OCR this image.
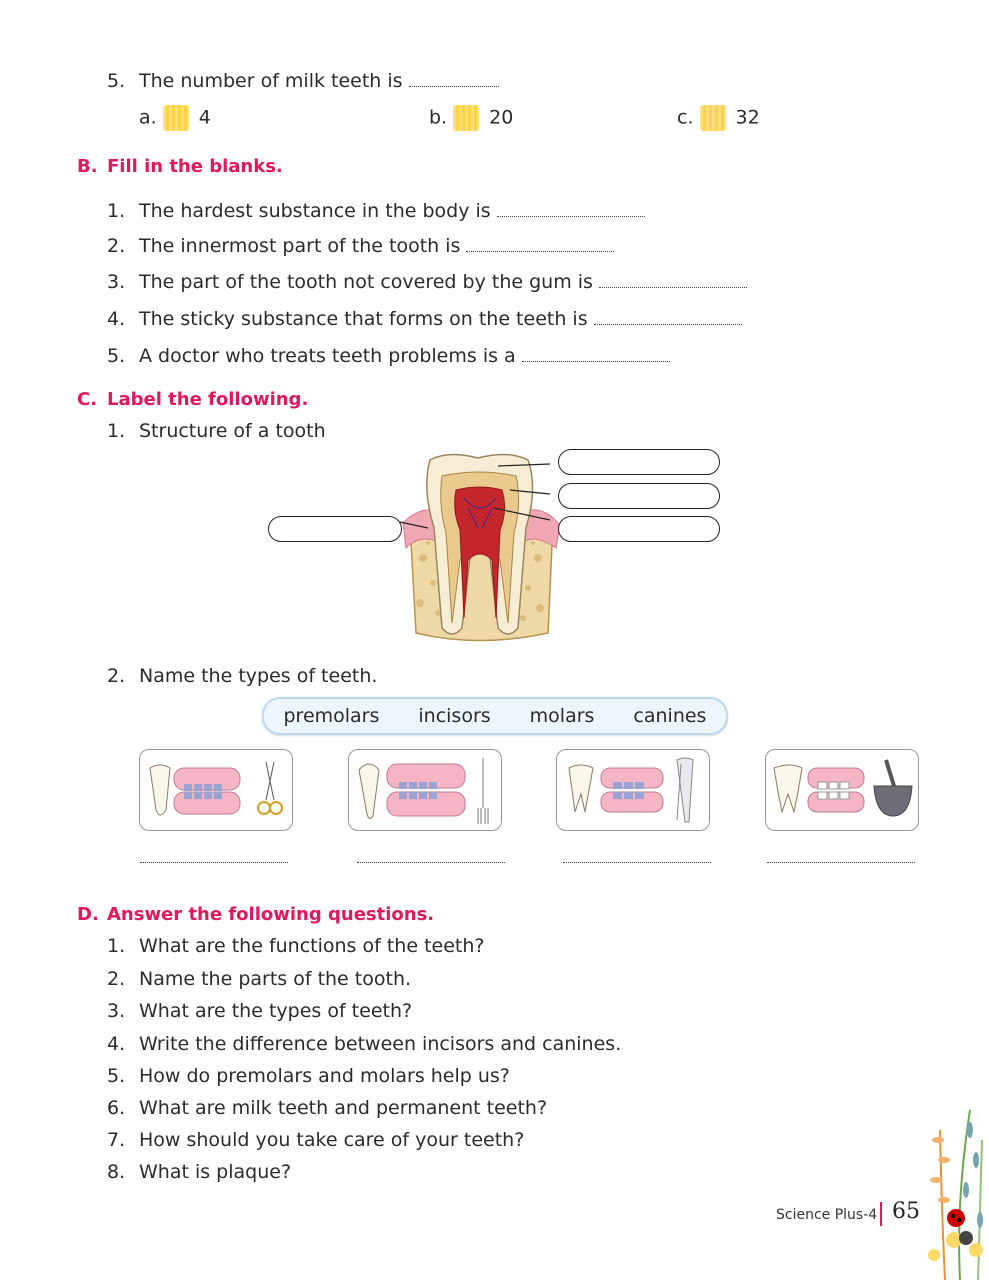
5. The number of milk teeth is
a. 4	b. 20	c. 32
B. Fill in the blanks.
1. The hardest substance in the body is
2. The innermost part of the tooth is
3. The part of the tooth not covered by the gum is
4. The sticky substance that forms on the teeth is
5. A doctor who treats teeth problems is a
C. Label the following.
1. Structure of a tooth
2. Name the types of teeth.
premolars incisors molars canines
D. Answer the following questions.
1. What are the functions of the teeth?
2. Name the parts of the tooth.
3. What are the types of teeth?
4. Write the difference between incisors and canines.
5. How do premolars and molars help us?
6. What are milk teeth and permanent teeth?
7. How should you take care of your teeth?
8. What is plaque?
Science Plus-4 65
